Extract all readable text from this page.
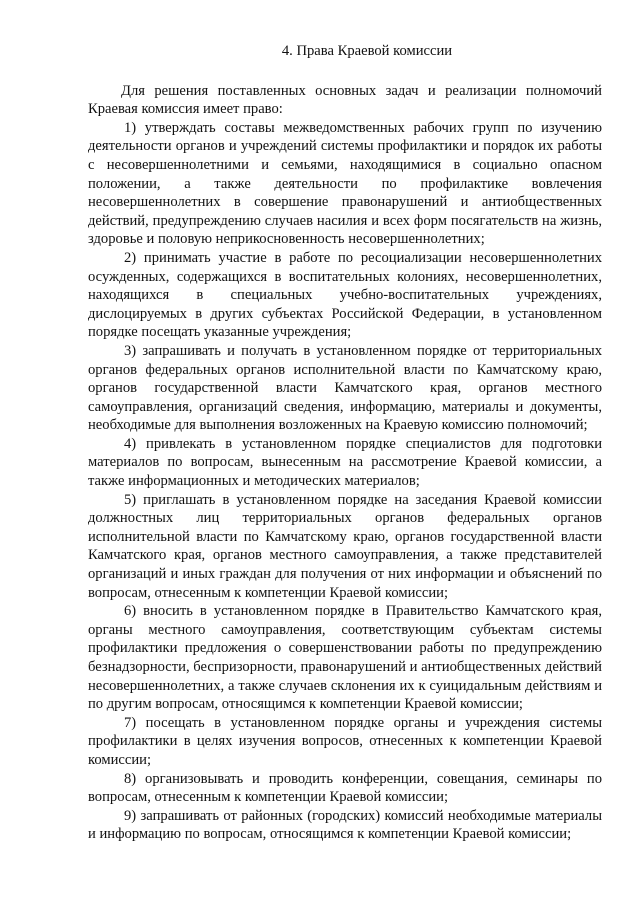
4. Права Краевой комиссии

Для решения поставленных основных задач и реализации полномочий Краевая комиссия имеет право:

1) утверждать составы межведомственных рабочих групп по изучению деятельности органов и учреждений системы профилактики и порядок их работы с несовершеннолетними и семьями, находящимися в социально опасном положении, а также деятельности по профилактике вовлечения несовершеннолетних в совершение правонарушений и антиобщественных действий, предупреждению случаев насилия и всех форм посягательств на жизнь, здоровье и половую неприкосновенность несовершеннолетних;

2) принимать участие в работе по ресоциализации несовершеннолетних осужденных, содержащихся в воспитательных колониях, несовершеннолетних, находящихся в специальных учебно-воспитательных учреждениях, дислоцируемых в других субъектах Российской Федерации, в установленном порядке посещать указанные учреждения;

3) запрашивать и получать в установленном порядке от территориальных органов федеральных органов исполнительной власти по Камчатскому краю, органов государственной власти Камчатского края, органов местного самоуправления, организаций сведения, информацию, материалы и документы, необходимые для выполнения возложенных на Краевую комиссию полномочий;

4) привлекать в установленном порядке специалистов для подготовки материалов по вопросам, вынесенным на рассмотрение Краевой комиссии, а также информационных и методических материалов;

5) приглашать в установленном порядке на заседания Краевой комиссии должностных лиц территориальных органов федеральных органов исполнительной власти по Камчатскому краю, органов государственной власти Камчатского края, органов местного самоуправления, а также представителей организаций и иных граждан для получения от них информации и объяснений по вопросам, отнесенным к компетенции Краевой комиссии;

6) вносить в установленном порядке в Правительство Камчатского края, органы местного самоуправления, соответствующим субъектам системы профилактики предложения о совершенствовании работы по предупреждению безнадзорности, беспризорности, правонарушений и антиобщественных действий несовершеннолетних, а также случаев склонения их к суицидальным действиям и по другим вопросам, относящимся к компетенции Краевой комиссии;

7) посещать в установленном порядке органы и учреждения системы профилактики в целях изучения вопросов, отнесенных к компетенции Краевой комиссии;

8) организовывать и проводить конференции, совещания, семинары по вопросам, отнесенным к компетенции Краевой комиссии;

9) запрашивать от районных (городских) комиссий необходимые материалы и информацию по вопросам, относящимся к компетенции Краевой комиссии;
